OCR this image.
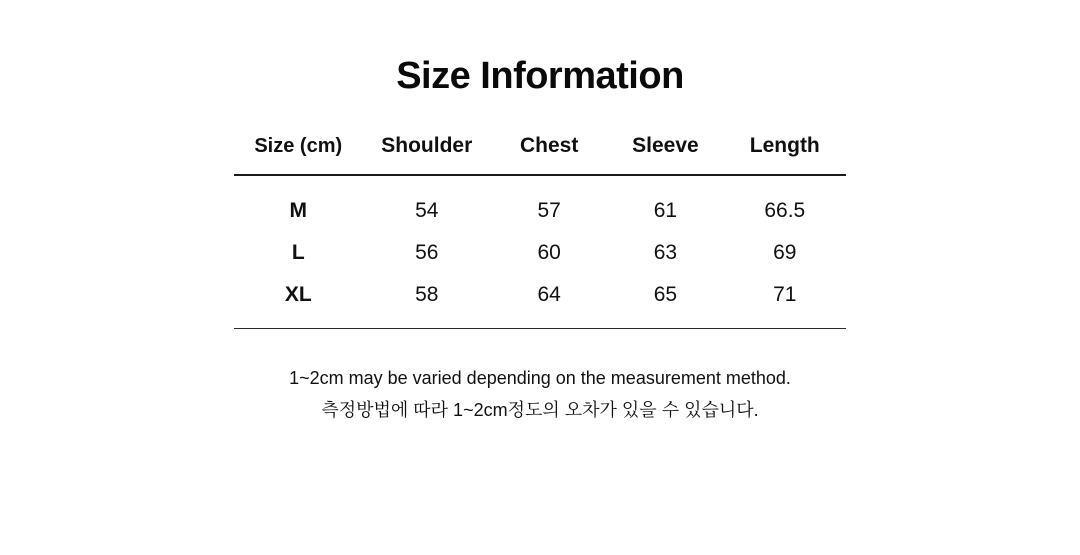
Size Information
Size (cm)	Shoulder	Chest	Sleeve	Length
M	54	57	61	66.5
L	56	60	63	69
XL	58	64	65	71
1~2cm may be varied depending on the measurement method.
측정방법에 따라 1~2cm정도의 오차가 있을 수 있습니다.
